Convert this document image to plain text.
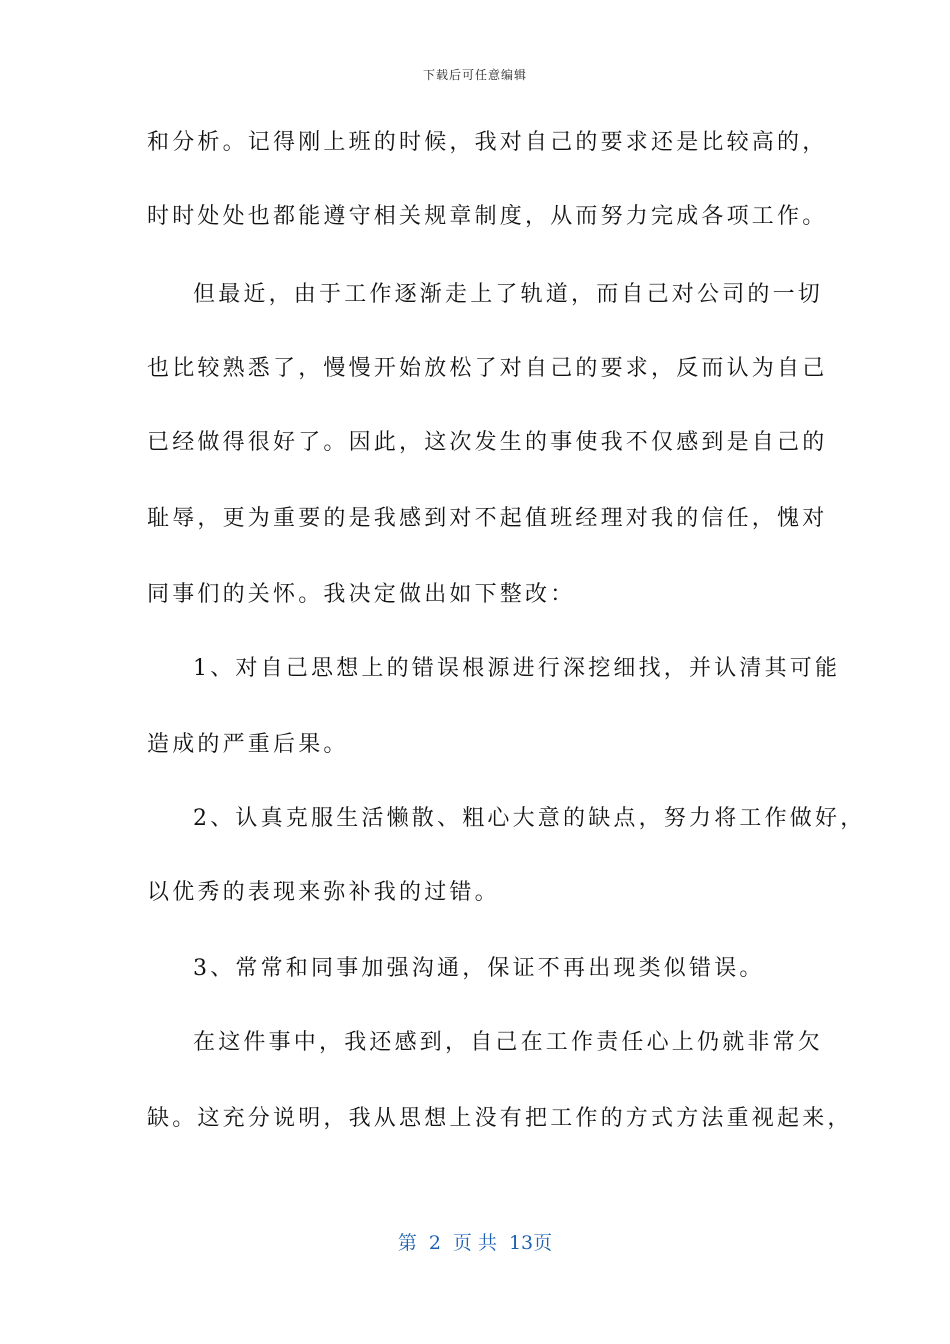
下载后可任意编辑
和分析。记得刚上班的时候，我对自己的要求还是比较高的，
时时处处也都能遵守相关规章制度，从而努力完成各项工作。
但最近，由于工作逐渐走上了轨道，而自己对公司的一切
也比较熟悉了，慢慢开始放松了对自己的要求，反而认为自己
已经做得很好了。因此，这次发生的事使我不仅感到是自己的
耻辱，更为重要的是我感到对不起值班经理对我的信任，愧对
同事们的关怀。我决定做出如下整改：
1、对自己思想上的错误根源进行深挖细找，并认清其可能
造成的严重后果。
2、认真克服生活懒散、粗心大意的缺点，努力将工作做好，
以优秀的表现来弥补我的过错。
3、常常和同事加强沟通，保证不再出现类似错误。
在这件事中，我还感到，自己在工作责任心上仍就非常欠
缺。这充分说明，我从思想上没有把工作的方式方法重视起来，
第 2 页 共 13页
